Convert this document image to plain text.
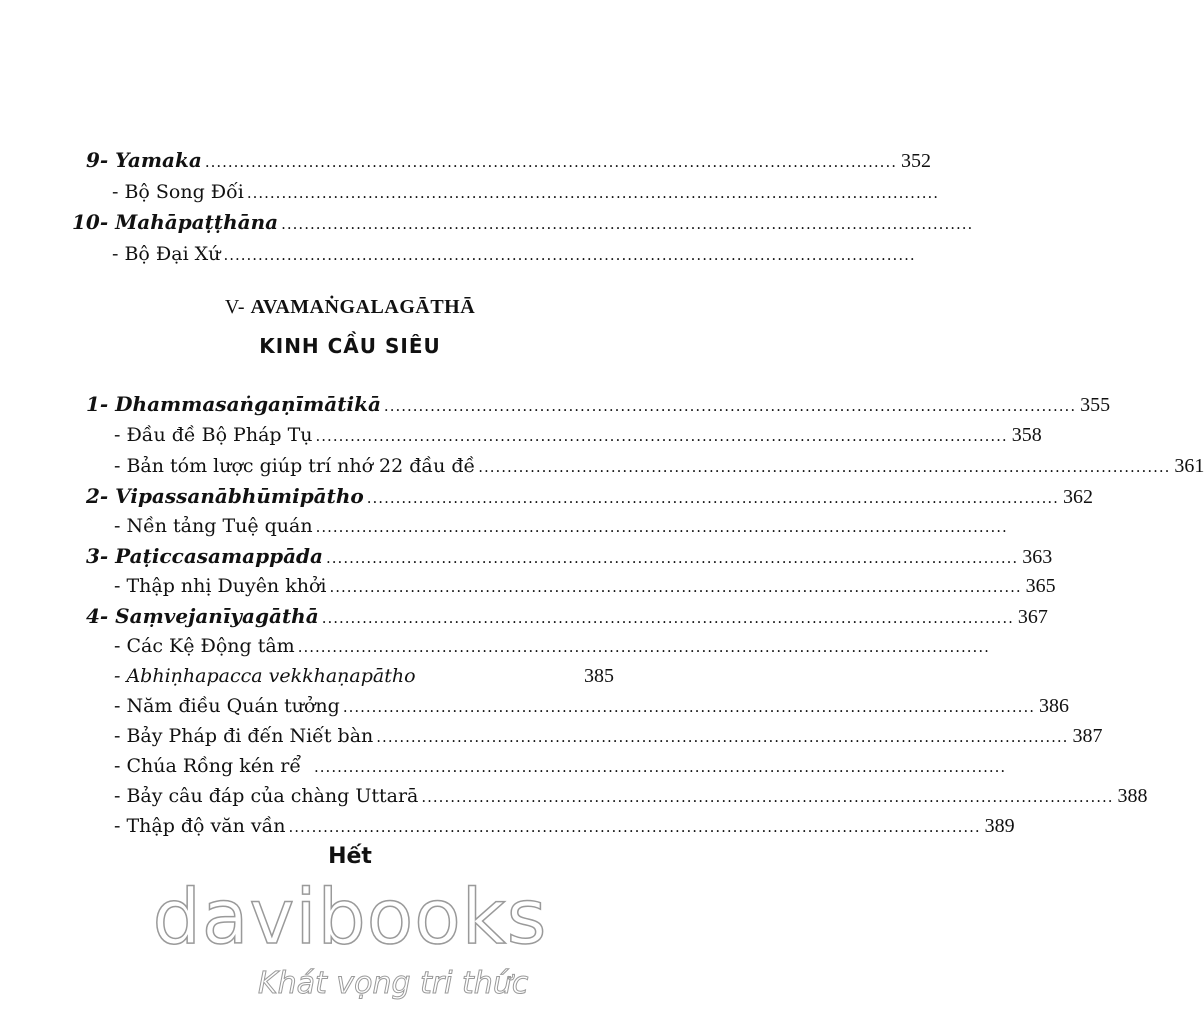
9- Yamaka ........................................................................................................................ 352
- Bộ Song Đối ........................................................................................................................
10- Mahāpaṭṭhāna ........................................................................................................................
- Bộ Đại Xứ ........................................................................................................................
V- AVAMAṄGALAGĀTHĀ
KINH CẦU SIÊU
1- Dhammasaṅgaṇīmātikā ........................................................................................................................ 355
- Đầu đề Bộ Pháp Tụ ........................................................................................................................ 358
- Bản tóm lược giúp trí nhớ 22 đầu đề ........................................................................................................................ 361
2- Vipassanābhūmipātho ........................................................................................................................ 362
- Nền tảng Tuệ quán ........................................................................................................................
3- Paṭiccasamappāda ........................................................................................................................ 363
- Thập nhị Duyên khởi ........................................................................................................................ 365
4- Saṃvejanīyagāthā ........................................................................................................................ 367
- Các Kệ Động tâm ........................................................................................................................
- Abhiṇhapacca vekkhaṇapātho	385
- Năm điều Quán tưởng ........................................................................................................................ 386
- Bảy Pháp đi đến Niết bàn ........................................................................................................................ 387
- Chúa Rồng kén rể ........................................................................................................................
- Bảy câu đáp của chàng Uttarā ........................................................................................................................ 388
- Thập độ văn vần ........................................................................................................................ 389
Hết
davibooks
Khát vọng tri thức
